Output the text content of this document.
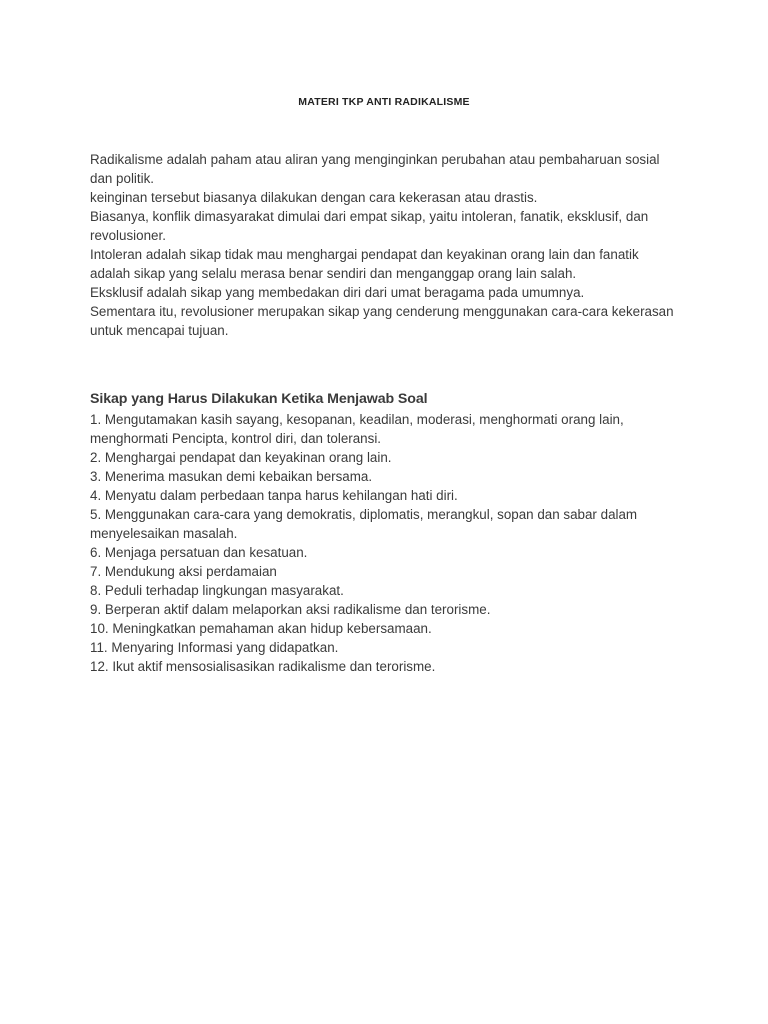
MATERI TKP ANTI RADIKALISME

Radikalisme adalah paham atau aliran yang menginginkan perubahan atau pembaharuan sosial dan politik.

keinginan tersebut biasanya dilakukan dengan cara kekerasan atau drastis.

Biasanya, konflik dimasyarakat dimulai dari empat sikap, yaitu intoleran, fanatik, eksklusif, dan revolusioner.

Intoleran adalah sikap tidak mau menghargai pendapat dan keyakinan orang lain dan fanatik adalah sikap yang selalu merasa benar sendiri dan menganggap orang lain salah.

Eksklusif adalah sikap yang membedakan diri dari umat beragama pada umumnya.

Sementara itu, revolusioner merupakan sikap yang cenderung menggunakan cara-cara kekerasan untuk mencapai tujuan.

Sikap yang Harus Dilakukan Ketika Menjawab Soal

1. Mengutamakan kasih sayang, kesopanan, keadilan, moderasi, menghormati orang lain, menghormati Pencipta, kontrol diri, dan toleransi.

2. Menghargai pendapat dan keyakinan orang lain.

3. Menerima masukan demi kebaikan bersama.

4. Menyatu dalam perbedaan tanpa harus kehilangan hati diri.

5. Menggunakan cara-cara yang demokratis, diplomatis, merangkul, sopan dan sabar dalam menyelesaikan masalah.

6. Menjaga persatuan dan kesatuan.

7. Mendukung aksi perdamaian

8. Peduli terhadap lingkungan masyarakat.

9. Berperan aktif dalam melaporkan aksi radikalisme dan terorisme.

10. Meningkatkan pemahaman akan hidup kebersamaan.

11. Menyaring Informasi yang didapatkan.

12. Ikut aktif mensosialisasikan radikalisme dan terorisme.
